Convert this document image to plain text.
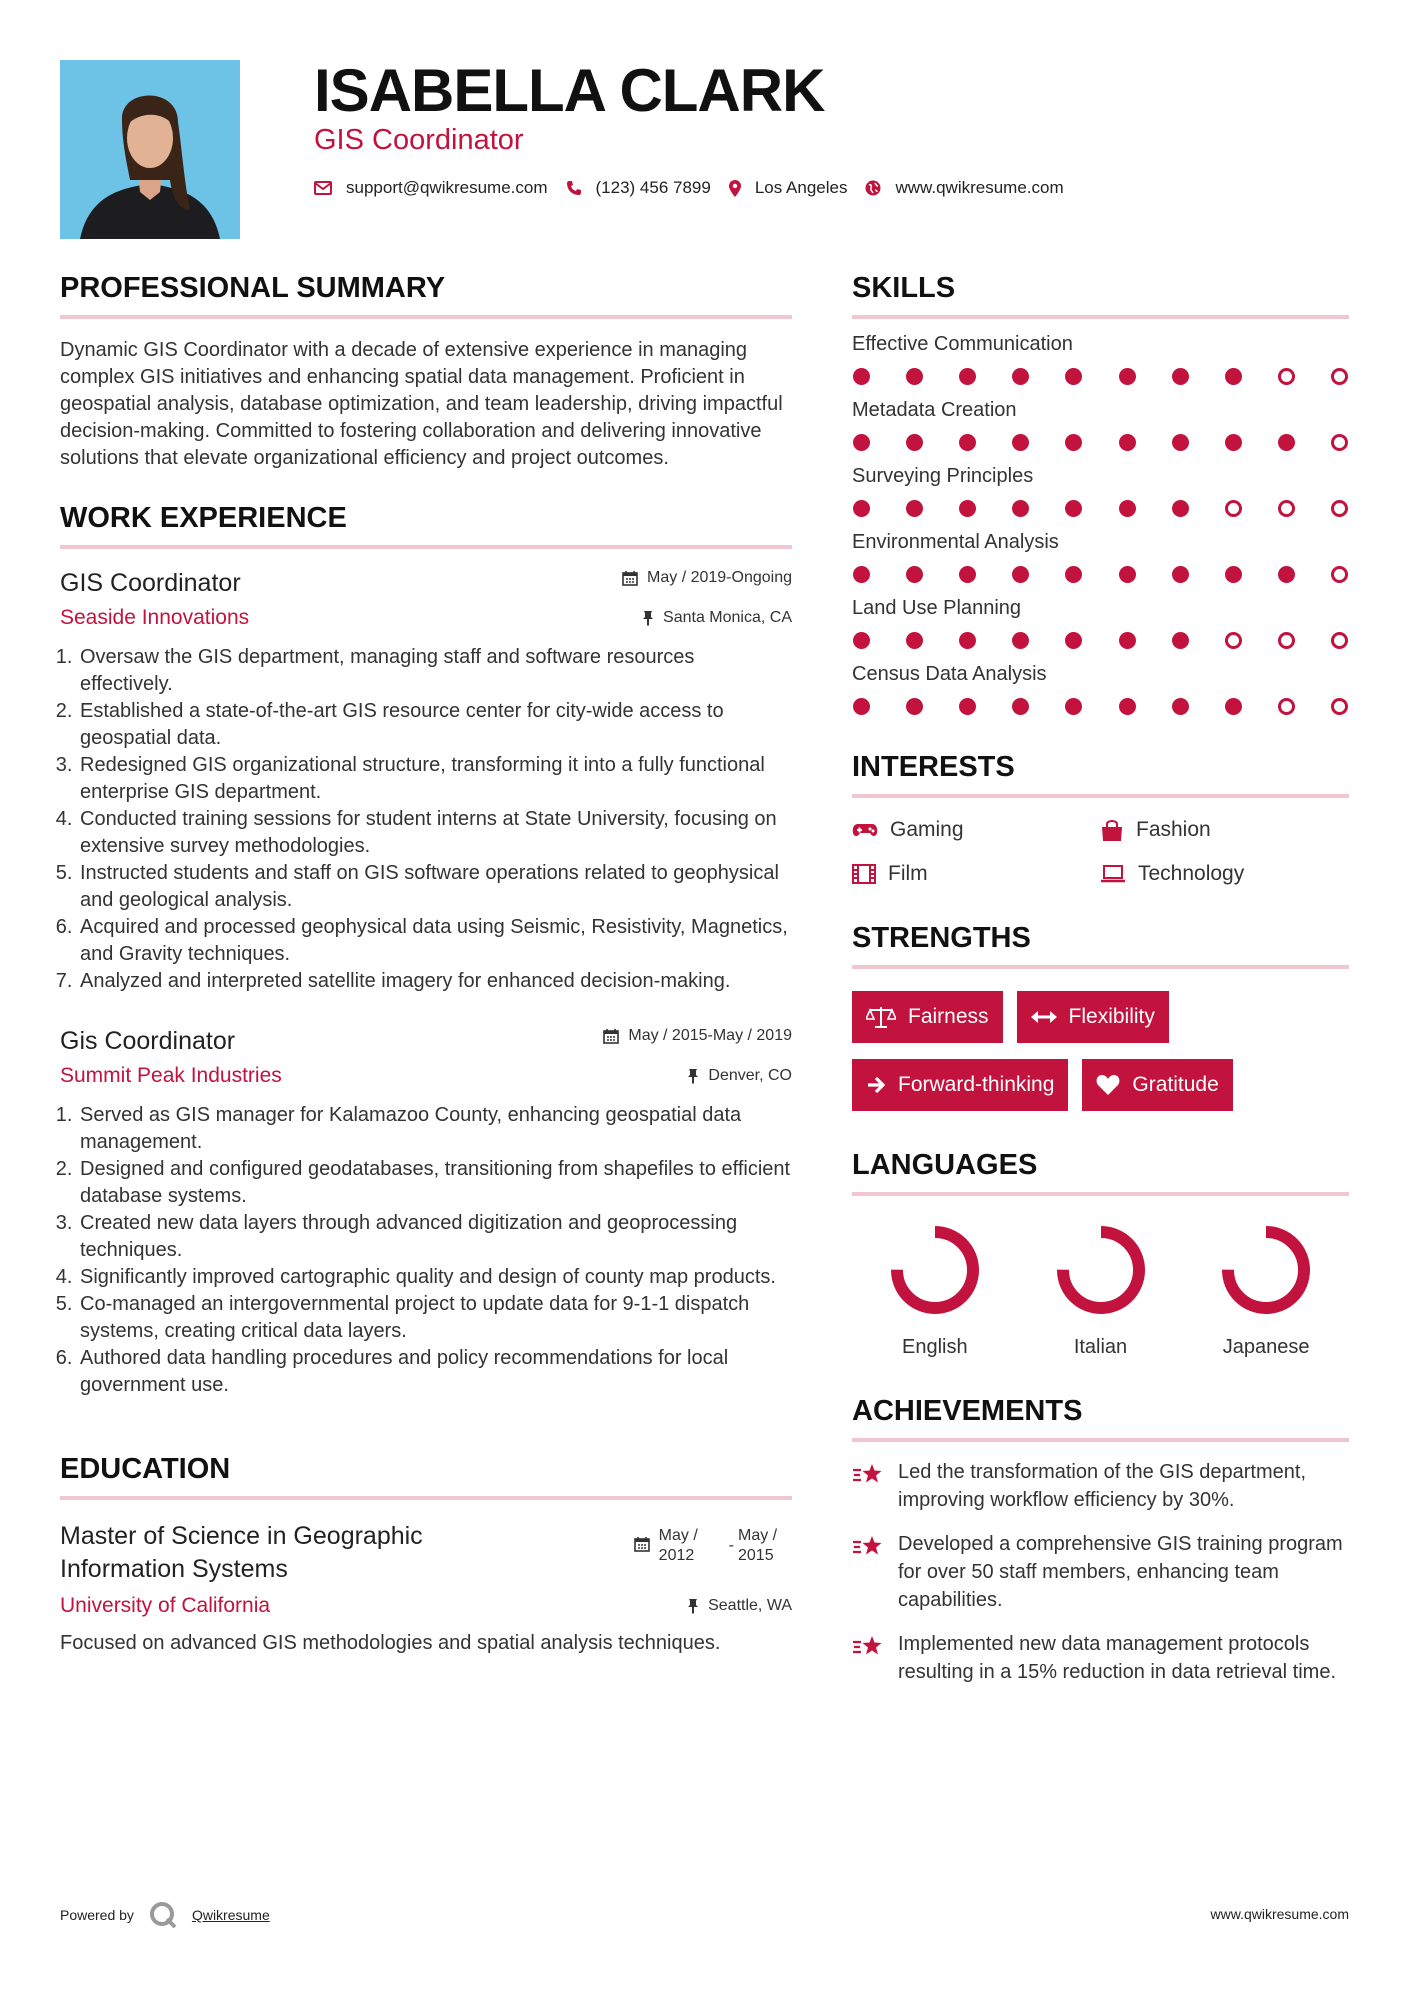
ISABELLA CLARK
GIS Coordinator
support@qwikresume.com	(123) 456 7899	Los Angeles	www.qwikresume.com
PROFESSIONAL SUMMARY
Dynamic GIS Coordinator with a decade of extensive experience in managing complex GIS initiatives and enhancing spatial data management. Proficient in geospatial analysis, database optimization, and team leadership, driving impactful decision-making. Committed to fostering collaboration and delivering innovative solutions that elevate organizational efficiency and project outcomes.
WORK EXPERIENCE
GIS Coordinator	May / 2019-Ongoing
Seaside Innovations	Santa Monica, CA
1. Oversaw the GIS department, managing staff and software resources effectively.
2. Established a state-of-the-art GIS resource center for city-wide access to geospatial data.
3. Redesigned GIS organizational structure, transforming it into a fully functional enterprise GIS department.
4. Conducted training sessions for student interns at State University, focusing on extensive survey methodologies.
5. Instructed students and staff on GIS software operations related to geophysical and geological analysis.
6. Acquired and processed geophysical data using Seismic, Resistivity, Magnetics, and Gravity techniques.
7. Analyzed and interpreted satellite imagery for enhanced decision-making.
Gis Coordinator	May / 2015-May / 2019
Summit Peak Industries	Denver, CO
1. Served as GIS manager for Kalamazoo County, enhancing geospatial data management.
2. Designed and configured geodatabases, transitioning from shapefiles to efficient database systems.
3. Created new data layers through advanced digitization and geoprocessing techniques.
4. Significantly improved cartographic quality and design of county map products.
5. Co-managed an intergovernmental project to update data for 9-1-1 dispatch systems, creating critical data layers.
6. Authored data handling procedures and policy recommendations for local government use.
EDUCATION
Master of Science in Geographic Information Systems
May / 2012
-
May / 2015
University of California	Seattle, WA
Focused on advanced GIS methodologies and spatial analysis techniques.
SKILLS
Effective Communication
Metadata Creation
Surveying Principles
Environmental Analysis
Land Use Planning
Census Data Analysis
INTERESTS
Gaming	Fashion
Film	Technology
STRENGTHS
Fairness	Flexibility
Forward-thinking	Gratitude
LANGUAGES
English	Italian	Japanese
ACHIEVEMENTS
Led the transformation of the GIS department, improving workflow efficiency by 30%.
Developed a comprehensive GIS training program for over 50 staff members, enhancing team capabilities.
Implemented new data management protocols resulting in a 15% reduction in data retrieval time.
Powered by	Qwikresume	www.qwikresume.com
